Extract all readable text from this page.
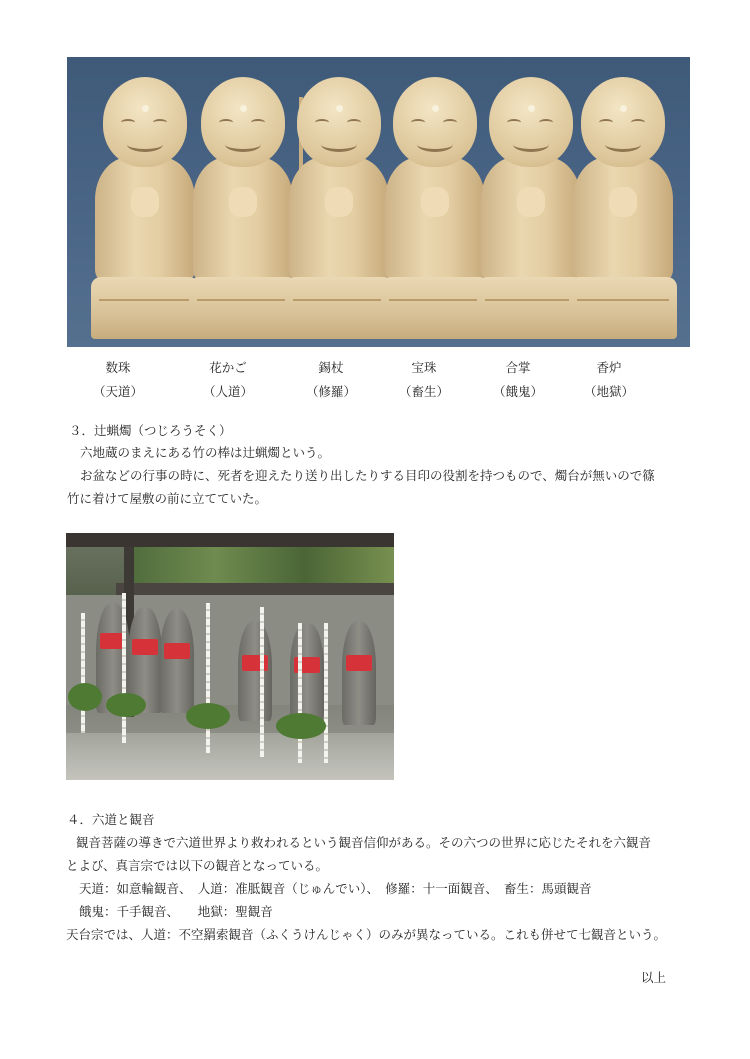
数珠
（天道）
花かご
（人道）
錫杖
（修羅）
宝珠
（畜生）
合掌
（餓鬼）
香炉
（地獄）
３．辻蝋燭（つじろうそく）
六地蔵のまえにある竹の棒は辻蝋燭という。
お盆などの行事の時に、死者を迎えたり送り出したりする目印の役割を持つもので、燭台が無いので篠
竹に着けて屋敷の前に立てていた。
４．六道と観音
観音菩薩の導きで六道世界より救われるという観音信仰がある。その六つの世界に応じたそれを六観音
とよび、真言宗では以下の観音となっている。
天道：如意輪観音、　人道：准胝観音（じゅんでい）、　修羅：十一面観音、　畜生：馬頭観音
餓鬼：千手観音、　　地獄：聖観音
天台宗では、人道：不空羂索観音（ふくうけんじゃく）のみが異なっている。これも併せて七観音という。
以上
